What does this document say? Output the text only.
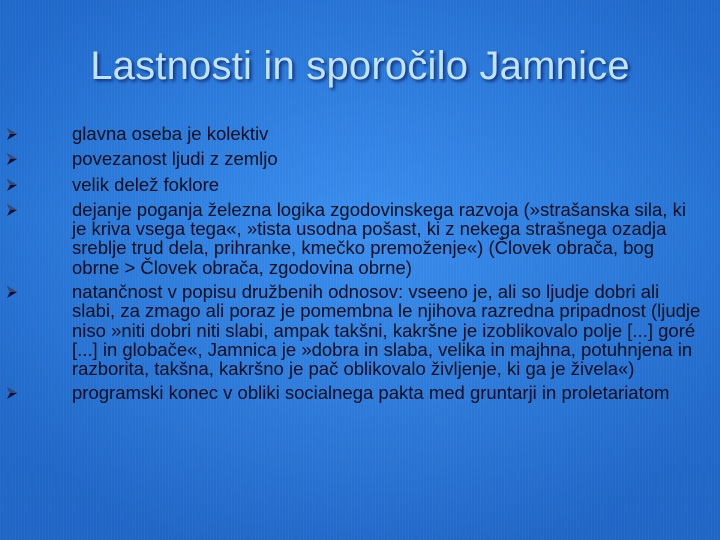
Lastnosti in sporočilo Jamnice
glavna oseba je kolektiv
povezanost ljudi z zemljo
velik delež foklore
dejanje poganja železna logika zgodovinskega razvoja (»strašanska sila, ki je kriva vsega tega«, »tista usodna pošast, ki z nekega strašnega ozadja sreblje trud dela, prihranke, kmečko premoženje«) (Človek obrača, bog obrne > Človek obrača, zgodovina obrne)
natančnost v popisu družbenih odnosov: vseeno je, ali so ljudje dobri ali slabi, za zmago ali poraz je pomembna le njihova razredna pripadnost (ljudje niso »niti dobri niti slabi, ampak takšni, kakršne je izoblikovalo polje [...] goré [...] in globače«, Jamnica je »dobra in slaba, velika in majhna, potuhnjena in razborita, takšna, kakršno je pač oblikovalo življenje, ki ga je živela«)
programski konec v obliki socialnega pakta med gruntarji in proletariatom
